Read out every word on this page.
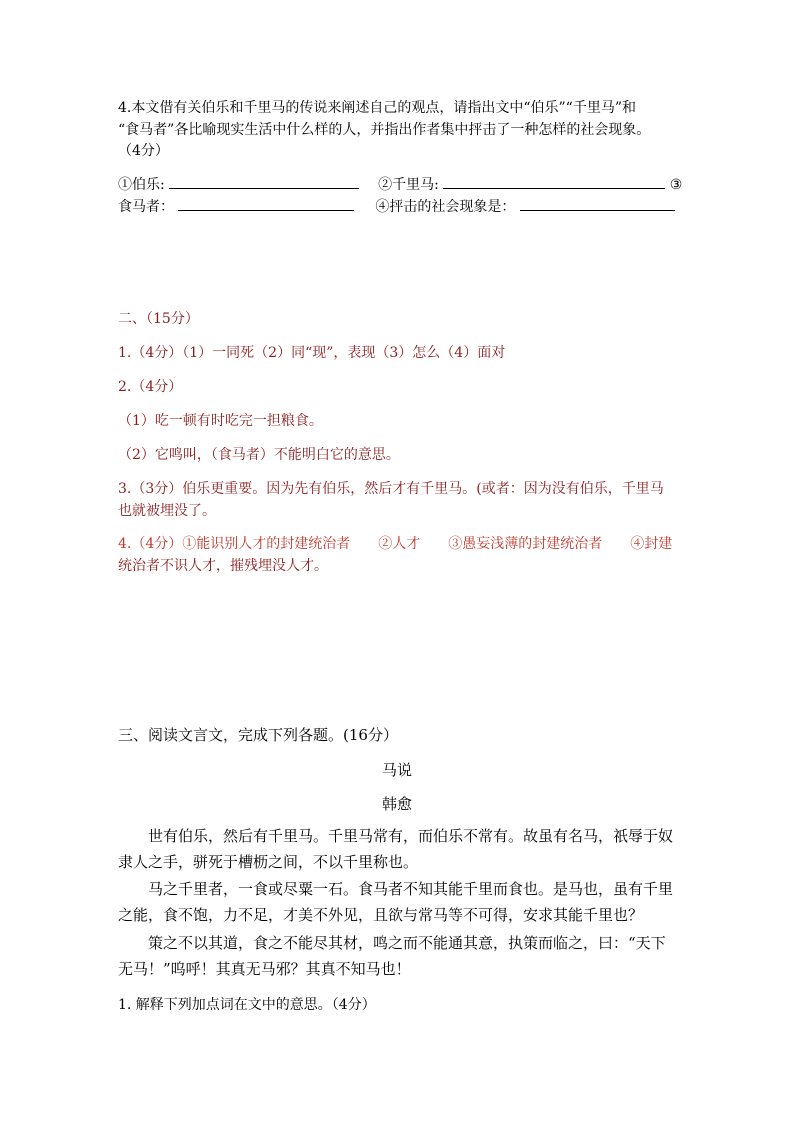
4.本文借有关伯乐和千里马的传说来阐述自己的观点，请指出文中“伯乐”“千里马”和
“食马者”各比喻现实生活中什么样的人，并指出作者集中抨击了一种怎样的社会现象。
（4分）
①伯乐:	②千里马:	③
食马者：	④抨击的社会现象是：
二、（15分）
1.（4分）（1）一同死（2）同“现”，表现（3）怎么（4）面对
2.（4分）
（1）吃一顿有时吃完一担粮食。
（2）它鸣叫，（食马者）不能明白它的意思。
3.（3分）伯乐更重要。因为先有伯乐，然后才有千里马。(或者：因为没有伯乐，千里马
也就被埋没了。
4.（4分）①能识别人才的封建统治者　　②人才　　③愚妄浅薄的封建统治者　　④封建
统治者不识人才，摧残埋没人才。
三、阅读文言文，完成下列各题。(16分）
马说
韩愈
世有伯乐，然后有千里马。千里马常有，而伯乐不常有。故虽有名马，祇辱于奴隶人之手，骈死于槽枥之间，不以千里称也。
马之千里者，一食或尽粟一石。食马者不知其能千里而食也。是马也，虽有千里之能，食不饱，力不足，才美不外见，且欲与常马等不可得，安求其能千里也？
策之不以其道，食之不能尽其材，鸣之而不能通其意，执策而临之，曰：“天下无马！”呜呼！其真无马邪？其真不知马也！
1. 解释下列加点词在文中的意思。（4分）
